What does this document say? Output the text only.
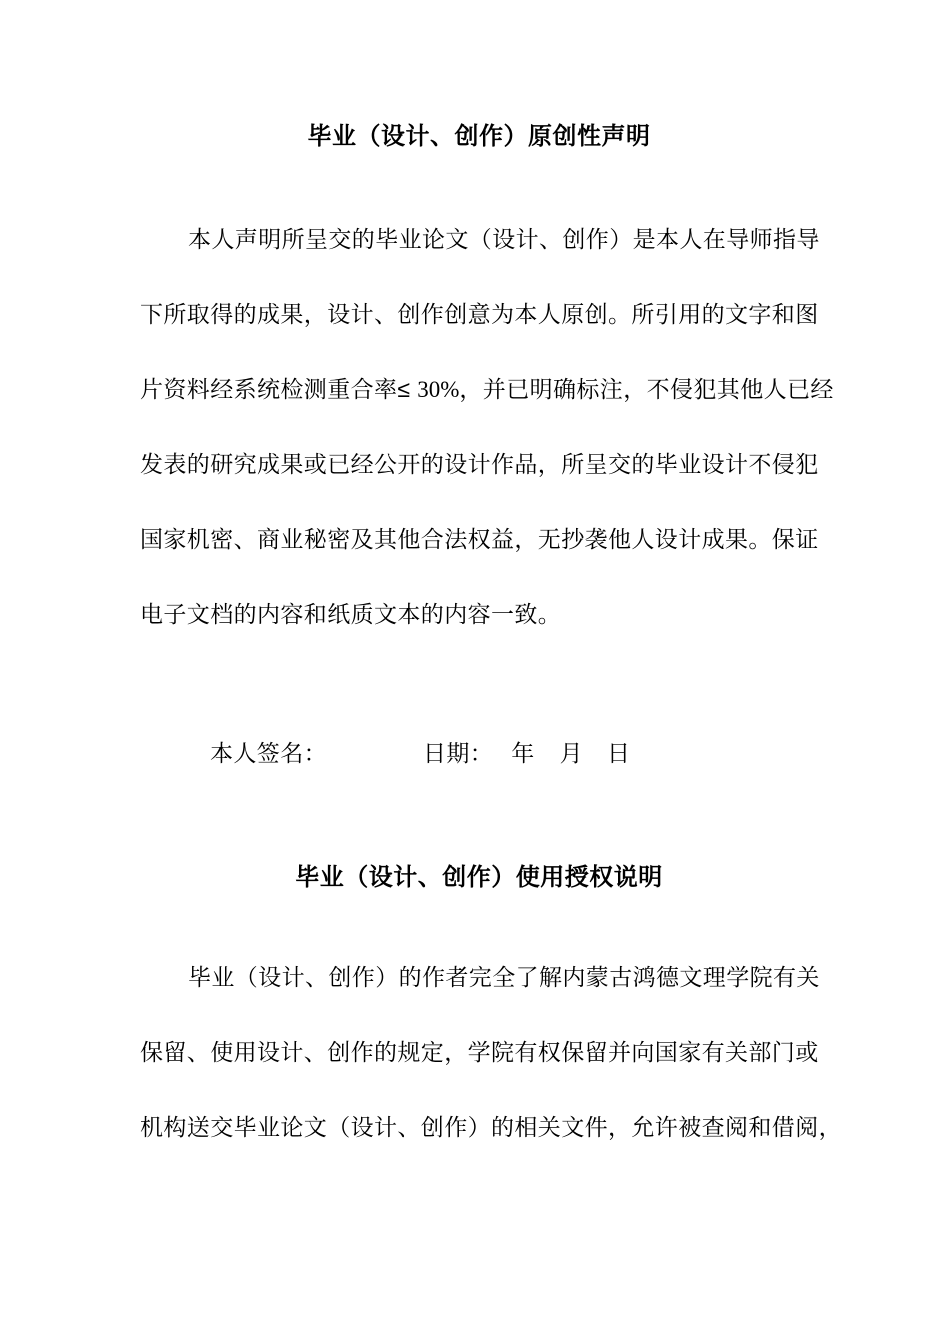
毕业（设计、创作）原创性声明
本人声明所呈交的毕业论文（设计、创作）是本人在导师指导
下所取得的成果，设计、创作创意为本人原创。所引用的文字和图
片资料经系统检测重合率≤ 30%，并已明确标注，不侵犯其他人已经
发表的研究成果或已经公开的设计作品，所呈交的毕业设计不侵犯
国家机密、商业秘密及其他合法权益，无抄袭他人设计成果。保证
电子文档的内容和纸质文本的内容一致。
本人签名：	日期： 年 月 日
毕业（设计、创作）使用授权说明
毕业（设计、创作）的作者完全了解内蒙古鸿德文理学院有关
保留、使用设计、创作的规定，学院有权保留并向国家有关部门或
机构送交毕业论文（设计、创作）的相关文件，允许被查阅和借阅，
